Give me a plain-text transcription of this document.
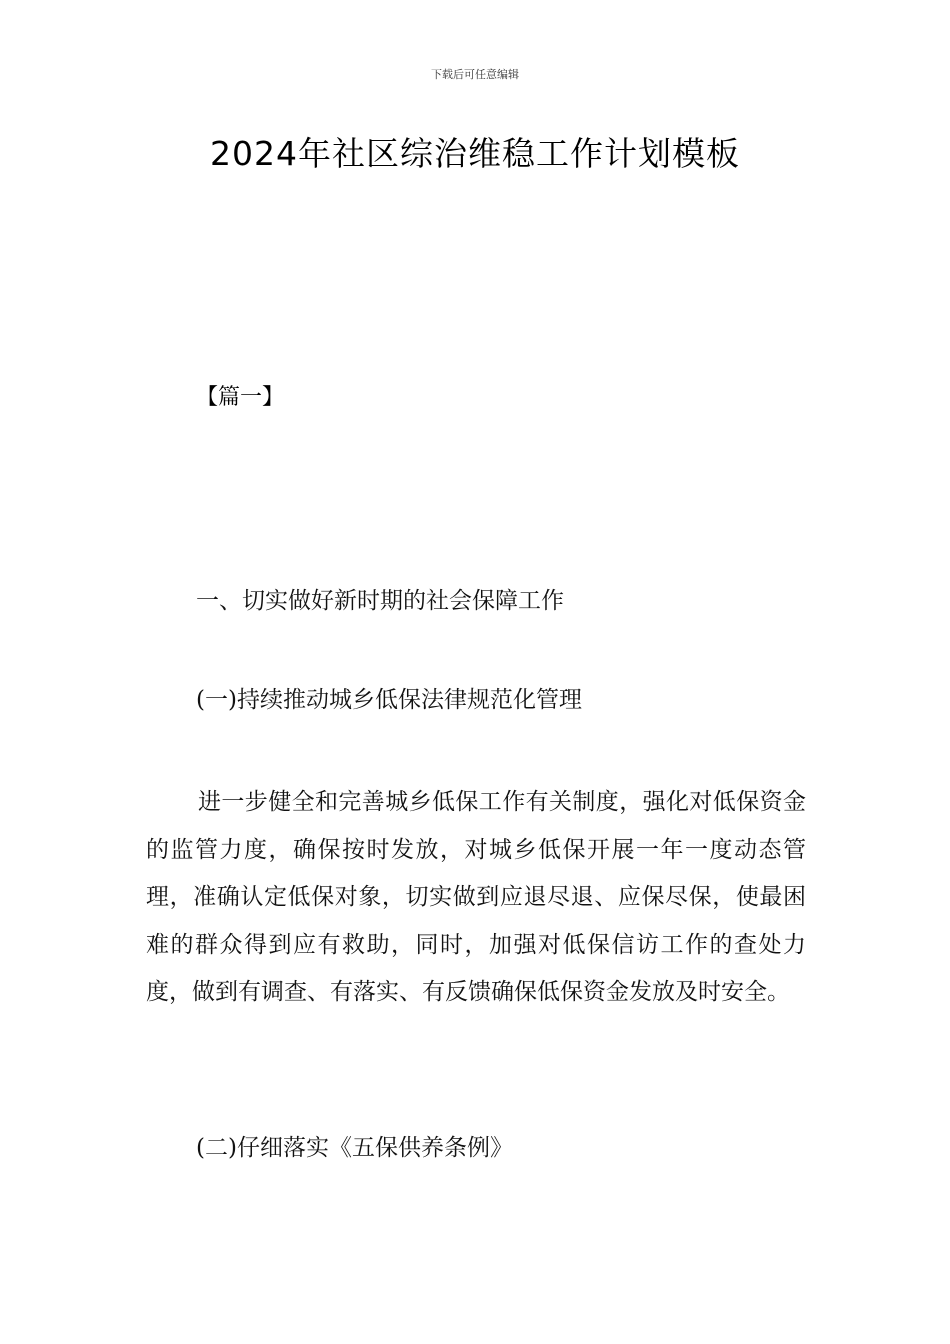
下载后可任意编辑
2024年社区综治维稳工作计划模板
【篇一】
一、切实做好新时期的社会保障工作
(一)持续推动城乡低保法律规范化管理
进一步健全和完善城乡低保工作有关制度，强化对低保资金的监管力度，确保按时发放，对城乡低保开展一年一度动态管理，准确认定低保对象，切实做到应退尽退、应保尽保，使最困难的群众得到应有救助，同时，加强对低保信访工作的查处力度，做到有调查、有落实、有反馈确保低保资金发放及时安全。
(二)仔细落实《五保供养条例》
